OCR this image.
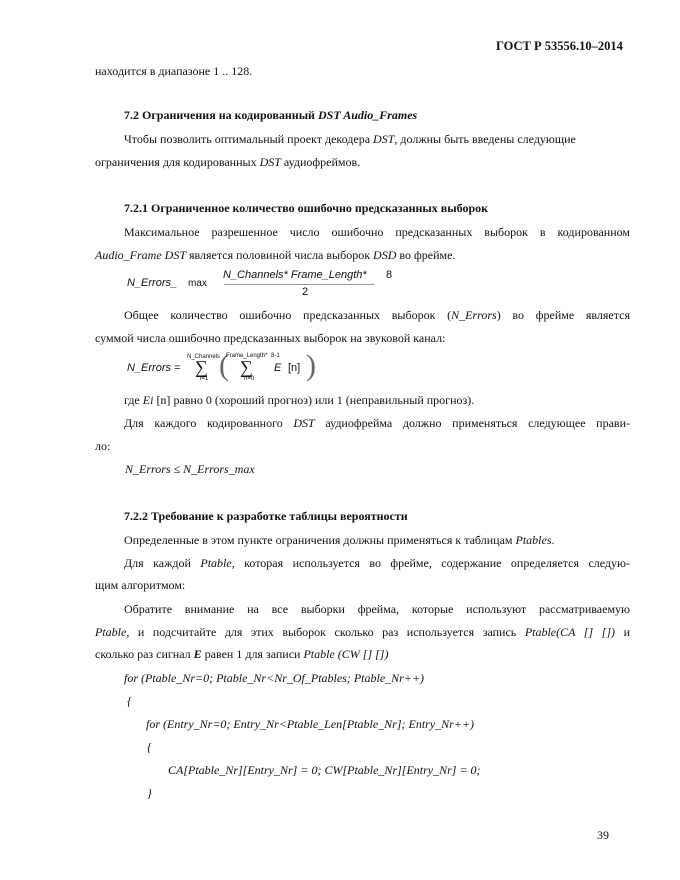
ГОСТ Р 53556.10–2014
находится в диапазоне 1 .. 128.
7.2 Ограничения на кодированный DST Audio_Frames
Чтобы позволить оптимальный проект декодера DST, должны быть введены следующие
ограничения для кодированных DST аудиофреймов.
7.2.1 Ограниченное количество ошибочно предсказанных выборок
Максимальное разрешенное число ошибочно предсказанных выборок в кодированном
Audio_Frame DST является половиной числа выборок DSD во фрейме.
N_Errors_ max
N_Channels* Frame_Length* 8
2
Общее количество ошибочно предсказанных выборок (N_Errors) во фрейме является
суммой числа ошибочно предсказанных выборок на звуковой канал:
N_Errors =
N_Channels
∑
i=1 (
Frame_Length* 8-1
∑
n=0
E [n] )
где Ei [n] равно 0 (хороший прогноз) или 1 (неправильный прогноз).
Для каждого кодированного DST аудиофрейма должно применяться следующее прави-
ло:
N_Errors ≤ N_Errors_max
7.2.2 Требование к разработке таблицы вероятности
Определенные в этом пункте ограничения должны применяться к таблицам Ptables.
Для каждой Ptable, которая используется во фрейме, содержание определяется следую-
щим алгоритмом:
Обратите внимание на все выборки фрейма, которые используют рассматриваемую
Ptable, и подсчитайте для этих выборок сколько раз используется запись Ptable(CA [] []) и
сколько раз сигнал E равен 1 для записи Ptable (CW [] [])
for (Ptable_Nr=0; Ptable_Nr<Nr_Of_Ptables; Ptable_Nr++)
{
for (Entry_Nr=0; Entry_Nr<Ptable_Len[Ptable_Nr]; Entry_Nr++)
{
CA[Ptable_Nr][Entry_Nr] = 0; CW[Ptable_Nr][Entry_Nr] = 0;
}
39
